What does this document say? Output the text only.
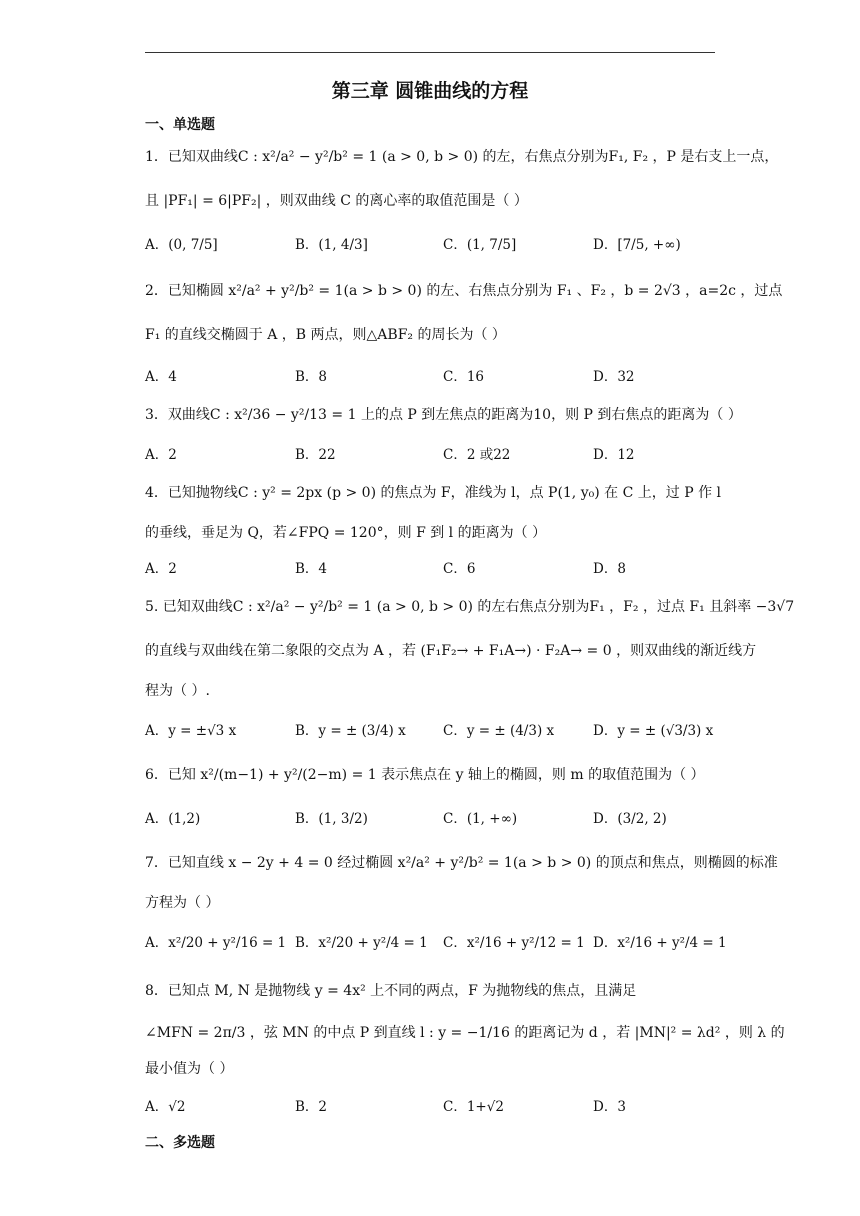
第三章 圆锥曲线的方程
一、单选题
1．已知双曲线C : x²/a² − y²/b² = 1 (a > 0, b > 0) 的左，右焦点分别为F₁, F₂ ，P 是右支上一点，
且 |PF₁| = 6|PF₂| ，则双曲线 C 的离心率的取值范围是（ ）
A．(0, 7/5]	B．(1, 4/3]	C．(1, 7/5]	D．[7/5, +∞)
2．已知椭圆 x²/a² + y²/b² = 1(a > b > 0) 的左、右焦点分别为 F₁ 、F₂ ，b = 2√3 ，a=2c ，过点
F₁ 的直线交椭圆于 A ，B 两点，则△ABF₂ 的周长为（ ）
A．4	B．8	C．16	D．32
3．双曲线C : x²/36 − y²/13 = 1 上的点 P 到左焦点的距离为10，则 P 到右焦点的距离为（ ）
A．2	B．22	C．2 或22	D．12
4．已知抛物线C : y² = 2px (p > 0) 的焦点为 F，准线为 l，点 P(1, y₀) 在 C 上，过 P 作 l
的垂线，垂足为 Q，若∠FPQ = 120°，则 F 到 l 的距离为（ ）
A．2	B．4	C．6	D．8
5. 已知双曲线C : x²/a² − y²/b² = 1 (a > 0, b > 0) 的左右焦点分别为F₁ ，F₂ ，过点 F₁ 且斜率 −3√7
的直线与双曲线在第二象限的交点为 A ，若 (F₁F₂→ + F₁A→) · F₂A→ = 0 ，则双曲线的渐近线方
程为（ ）.
A．y = ±√3 x	B．y = ± (3/4) x	C．y = ± (4/3) x	D．y = ± (√3/3) x
6．已知 x²/(m−1) + y²/(2−m) = 1 表示焦点在 y 轴上的椭圆，则 m 的取值范围为（ ）
A．(1,2)	B．(1, 3/2)	C．(1, +∞)	D．(3/2, 2)
7．已知直线 x − 2y + 4 = 0 经过椭圆 x²/a² + y²/b² = 1(a > b > 0) 的顶点和焦点，则椭圆的标准
方程为（ ）
A．x²/20 + y²/16 = 1 B．x²/20 + y²/4 = 1 C．x²/16 + y²/12 = 1 D．x²/16 + y²/4 = 1
8．已知点 M, N 是抛物线 y = 4x² 上不同的两点，F 为抛物线的焦点，且满足
∠MFN = 2π/3 ，弦 MN 的中点 P 到直线 l : y = −1/16 的距离记为 d ，若 |MN|² = λd² ，则 λ 的
最小值为（ ）
A．√2	B．2	C．1+√2	D．3
二、多选题
